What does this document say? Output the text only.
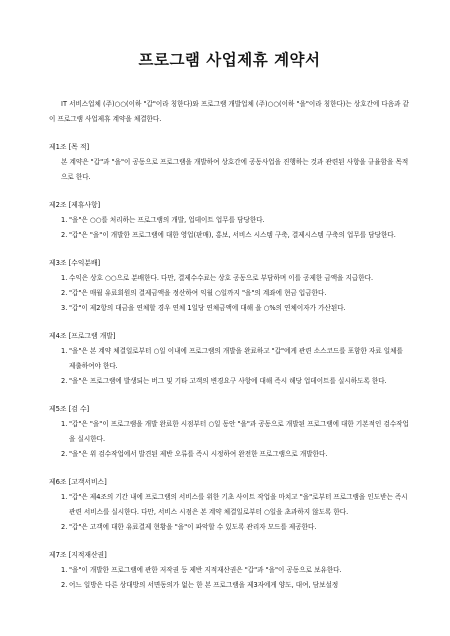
프로그램 사업제휴 계약서
IT 서비스업체 (주)○○(이하 "갑"이라 칭한다)와 프로그램 개발업체 (주)○○(이하 "을"이라 칭한다)는 상호간에 다음과 같이 프로그램 사업제휴 계약을 체결한다.
제1조 [목 적]
본 계약은 "갑"과 "을"이 공동으로 프로그램을 개발하여 상호간에 공동사업을 진행하는 것과 관련된 사항을 규율함을 목적으로 한다.
제2조 [제휴사항]
1. "을"은 ○○를 처리하는 프로그램의 개발, 업데이트 업무를 담당한다.
2. "갑"은 "을"이 개발한 프로그램에 대한 영업(판매), 홍보, 서비스 시스템 구축, 결제시스템 구축의 업무를 담당한다.
제3조 [수익분배]
1. 수익은 상호 ○○으로 분배한다. 다만, 결제수수료는 상호 공동으로 부담하며 이를 공제한 금액을 지급한다.
2. "갑"은 매월 유료회원의 결제금액을 정산하여 익월 ○일까지 "을"의 계좌에 현금 입금한다.
3. "갑"이 제2항의 대금을 연체할 경우 연체 1일당 연체금액에 대해 을 ○%의 연체이자가 가산된다.
제4조 [프로그램 개발]
1. "을"은 본 계약 체결일로부터 ○일 이내에 프로그램의 개발을 완료하고 "갑"에게 관련 소스코드를 포함한 자료 일체를 제출하여야 한다.
2. "을"은 프로그램에 발생되는 버그 및 기타 고객의 변경요구 사항에 대해 즉시 해당 업데이트를 실시하도록 한다.
제5조 [검 수]
1. "갑"은 "을"이 프로그램을 개발 완료한 시점부터 ○일 동안 "을"과 공동으로 개발된 프로그램에 대한 기본적인 검수작업을 실시한다.
2. "을"은 위 검수작업에서 발견된 제반 오류를 즉시 시정하여 완전한 프로그램으로 개발한다.
제6조 [고객서비스]
1. "갑"은 제4조의 기간 내에 프로그램의 서비스를 위한 기초 사이트 작업을 마치고 "을"로부터 프로그램을 인도받는 즉시 관련 서비스를 실시한다. 다만, 서비스 시점은 본 계약 체결일로부터 ○일을 초과하지 않도록 한다.
2. "갑"은 고객에 대한 유료결제 현황을 "을"이 파악할 수 있도록 관리자 모드를 제공한다.
제7조 [지적재산권]
1. "을"이 개발한 프로그램에 관한 저작권 등 제반 지적재산권은 "갑"과 "을"이 공동으로 보유한다.
2. 어느 일방은 다른 상대방의 서면동의가 없는 한 본 프로그램을 제3자에게 양도, 대여, 담보설정
